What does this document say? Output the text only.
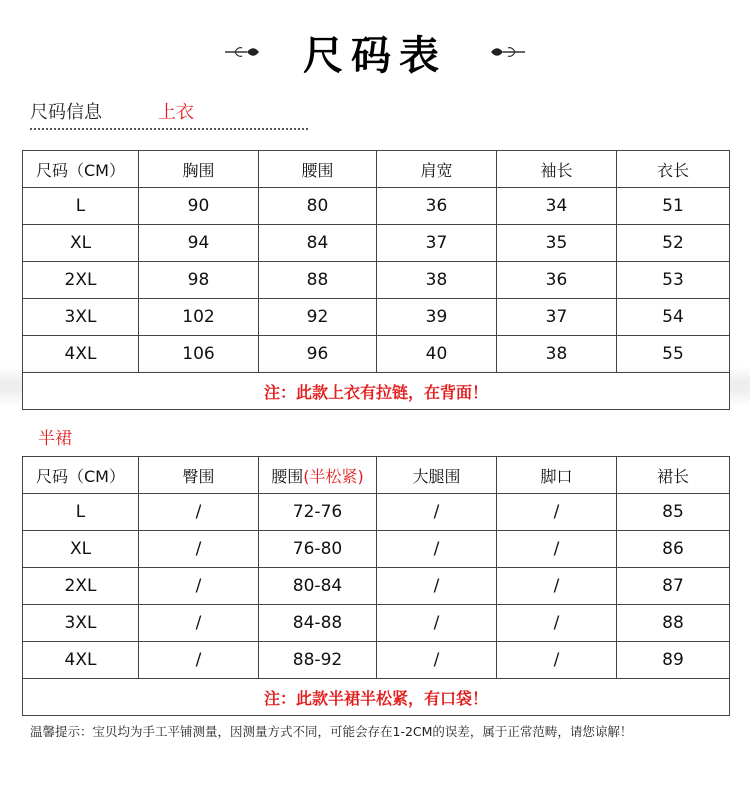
尺码表
尺码信息	上衣
尺码（CM）	胸围	腰围	肩宽	袖长	衣长
L	90	80	36	34	51
XL	94	84	37	35	52
2XL	98	88	38	36	53
3XL	102	92	39	37	54
4XL	106	96	40	38	55
注：此款上衣有拉链，在背面！					
半裙
尺码（CM）	臀围	腰围(半松紧)	大腿围	脚口	裙长
L	/	72-76	/	/	85
XL	/	76-80	/	/	86
2XL	/	80-84	/	/	87
3XL	/	84-88	/	/	88
4XL	/	88-92	/	/	89
注：此款半裙半松紧，有口袋！					
温馨提示：宝贝均为手工平铺测量，因测量方式不同，可能会存在1-2CM的误差，属于正常范畴，请您谅解！
